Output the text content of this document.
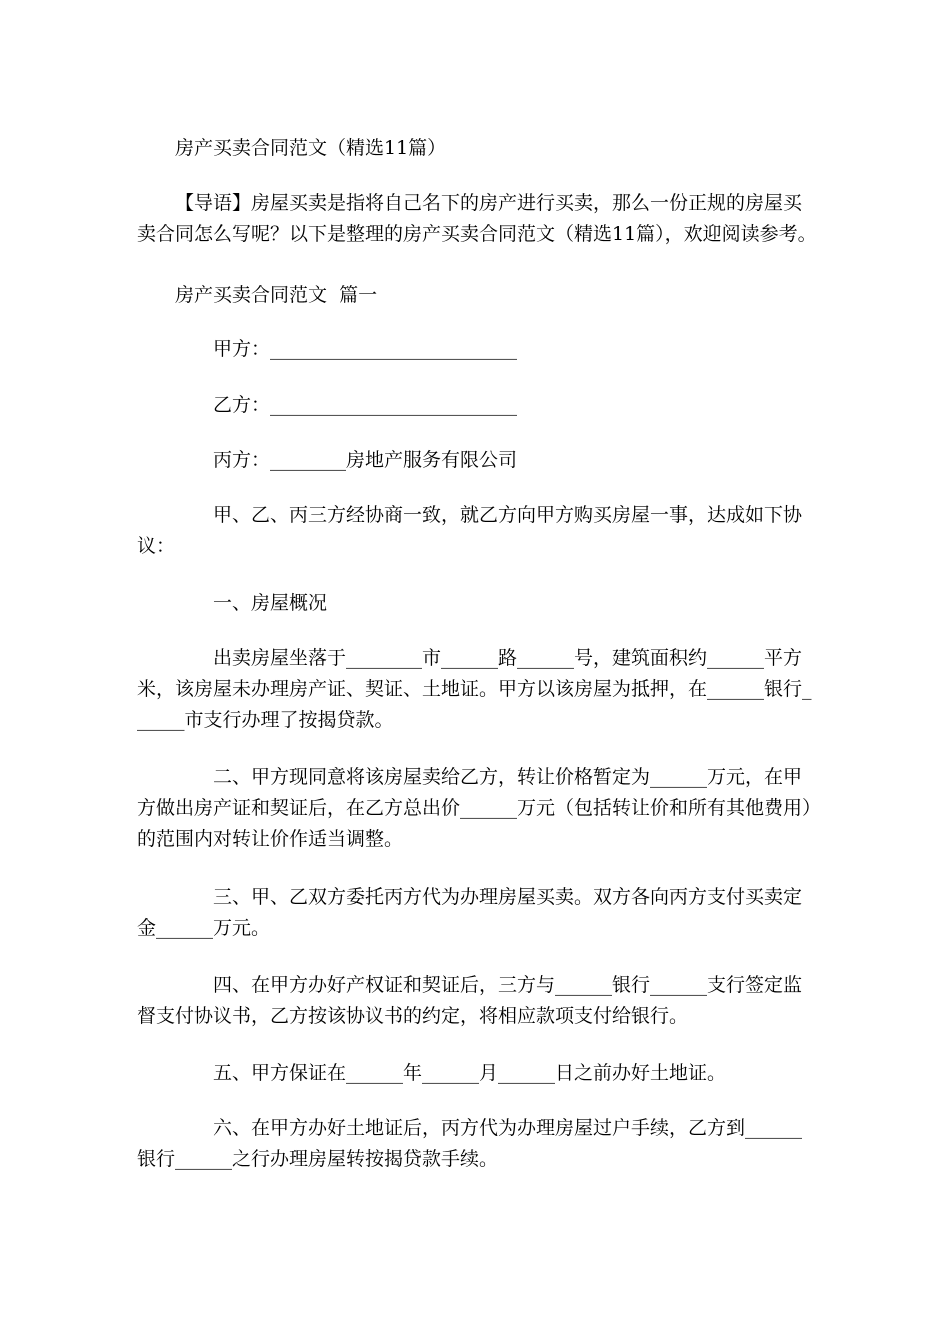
房产买卖合同范文（精选11篇）

【导语】房屋买卖是指将自己名下的房产进行买卖，那么一份正规的房屋买卖合同怎么写呢？以下是整理的房产买卖合同范文（精选11篇），欢迎阅读参考。

房产买卖合同范文  篇一

甲方：__________________________

乙方：__________________________

丙方：________房地产服务有限公司

甲、乙、丙三方经协商一致，就乙方向甲方购买房屋一事，达成如下协议：

一、房屋概况

出卖房屋坐落于________市______路______号，建筑面积约______平方米，该房屋未办理房产证、契证、土地证。甲方以该房屋为抵押，在______银行______市支行办理了按揭贷款。

二、甲方现同意将该房屋卖给乙方，转让价格暂定为______万元，在甲方做出房产证和契证后，在乙方总出价______万元（包括转让价和所有其他费用）的范围内对转让价作适当调整。

三、甲、乙双方委托丙方代为办理房屋买卖。双方各向丙方支付买卖定金______万元。

四、在甲方办好产权证和契证后，三方与______银行______支行签定监督支付协议书，乙方按该协议书的约定，将相应款项支付给银行。

五、甲方保证在______年______月______日之前办好土地证。

六、在甲方办好土地证后，丙方代为办理房屋过户手续，乙方到______银行______之行办理房屋转按揭贷款手续。
